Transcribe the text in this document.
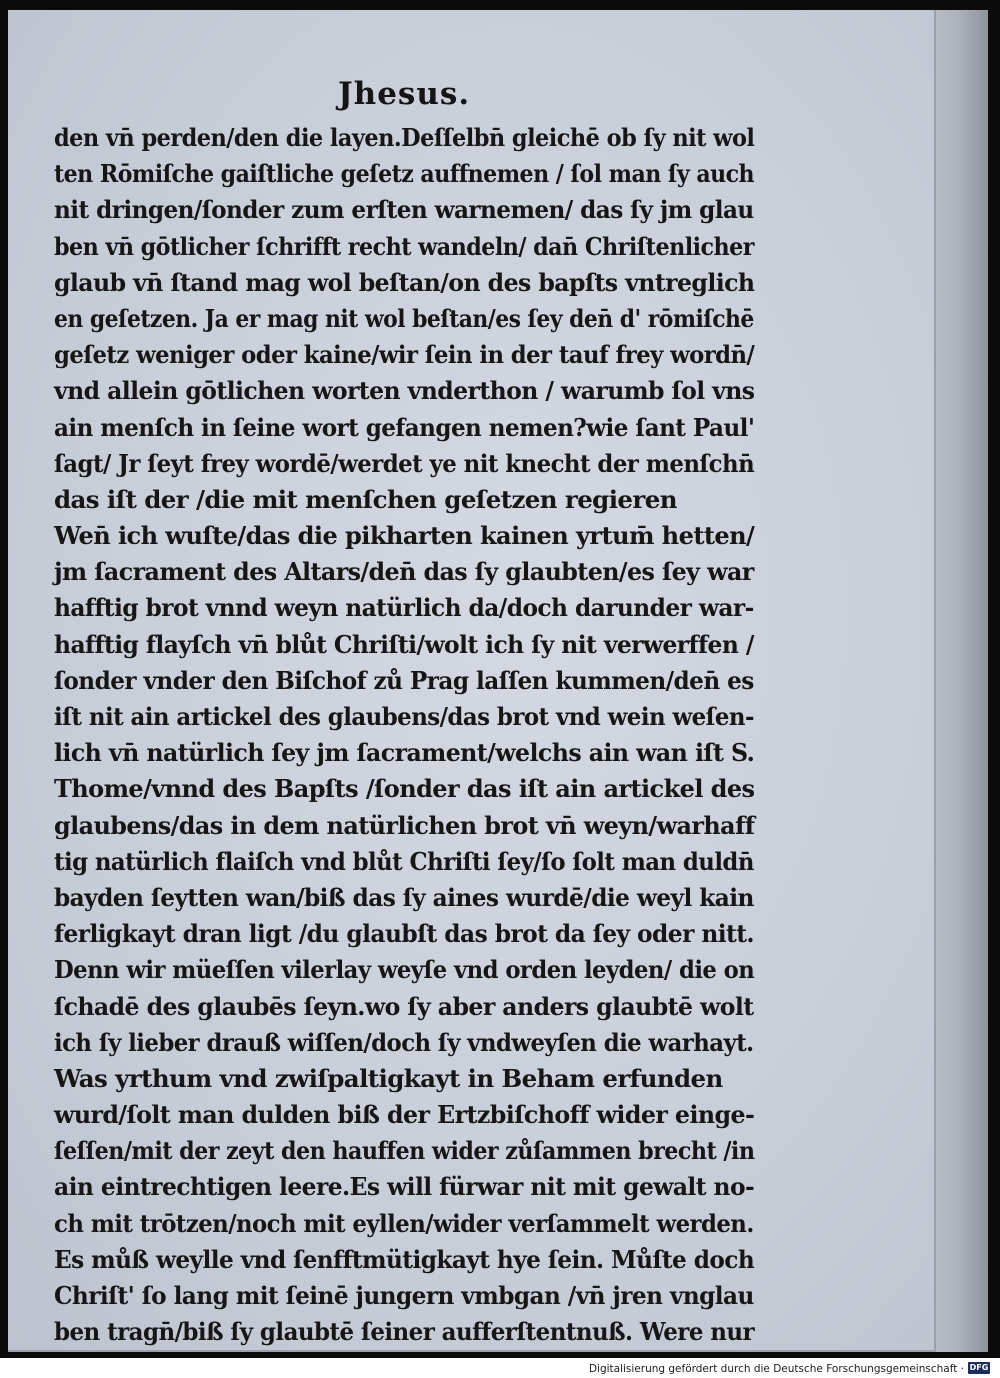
Jhesus.
den vn̄ perden/den die layen.Deſſelbn̄ gleichē ob ſy nit wol
ten Rōmiſche gaiſtliche geſetz auffnemen / ſol man ſy auch
nit dringen/ſonder zum erſten warnemen/ das ſy jm glau
ben vn̄ gōtlicher ſchrifft recht wandeln/ dan̄ Chriſtenlicher
glaub vn̄ ſtand mag wol beſtan/on des bapſts vntreglich
en geſetzen. Ja er mag nit wol beſtan/es ſey den̄ d' rōmiſchē
geſetz weniger oder kaine/wir ſein in der tauf frey wordn̄/
vnd allein gōtlichen worten vnderthon / warumb ſol vns
ain menſch in ſeine wort gefangen nemen?wie ſant Paul'
ſagt/ Jr ſeyt frey wordē/werdet ye nit knecht der menſchn̄
das iſt der /die mit menſchen geſetzen regieren
Wen̄ ich wuſte/das die pikharten kainen yrtum̄ hetten/
jm ſacrament des Altars/den̄ das ſy glaubten/es ſey war
hafftig brot vnnd weyn natürlich da/doch darunder war-
hafftig flayſch vn̄ blůt Chriſti/wolt ich ſy nit verwerffen /
ſonder vnder den Biſchof zů Prag laſſen kummen/den̄ es
iſt nit ain artickel des glaubens/das brot vnd wein weſen-
lich vn̄ natürlich ſey jm ſacrament/welchs ain wan iſt S.
Thome/vnnd des Bapſts /ſonder das iſt ain artickel des
glaubens/das in dem natürlichen brot vn̄ weyn/warhaff
tig natürlich flaiſch vnd blůt Chriſti ſey/ſo ſolt man duldn̄
bayden ſeytten wan/biß das ſy aines wurdē/die weyl kain
ferligkayt dran ligt /du glaubſt das brot da ſey oder nitt.
Denn wir müeſſen vilerlay weyſe vnd orden leyden/ die on
ſchadē des glaubēs ſeyn.wo ſy aber anders glaubtē wolt
ich ſy lieber drauß wiſſen/doch ſy vndweyſen die warhayt.
Was yrthum vnd zwiſpaltigkayt in Beham erfunden
wurd/ſolt man dulden biß der Ertzbiſchoff wider einge-
ſeſſen/mit der zeyt den hauffen wider zůſammen brecht /in
ain eintrechtigen leere.Es will fürwar nit mit gewalt no-
ch mit trōtzen/noch mit eyllen/wider verſammelt werden.
Es můß weylle vnd ſenfftmütigkayt hye ſein. Můſte doch
Chriſt' ſo lang mit ſeinē jungern vmbgan /vn̄ jren vnglau
ben tragn̄/biß ſy glaubtē ſeiner aufferſtentnuß. Were nur
Digitalisierung gefördert durch die Deutsche Forschungsgemeinschaft · DFG
